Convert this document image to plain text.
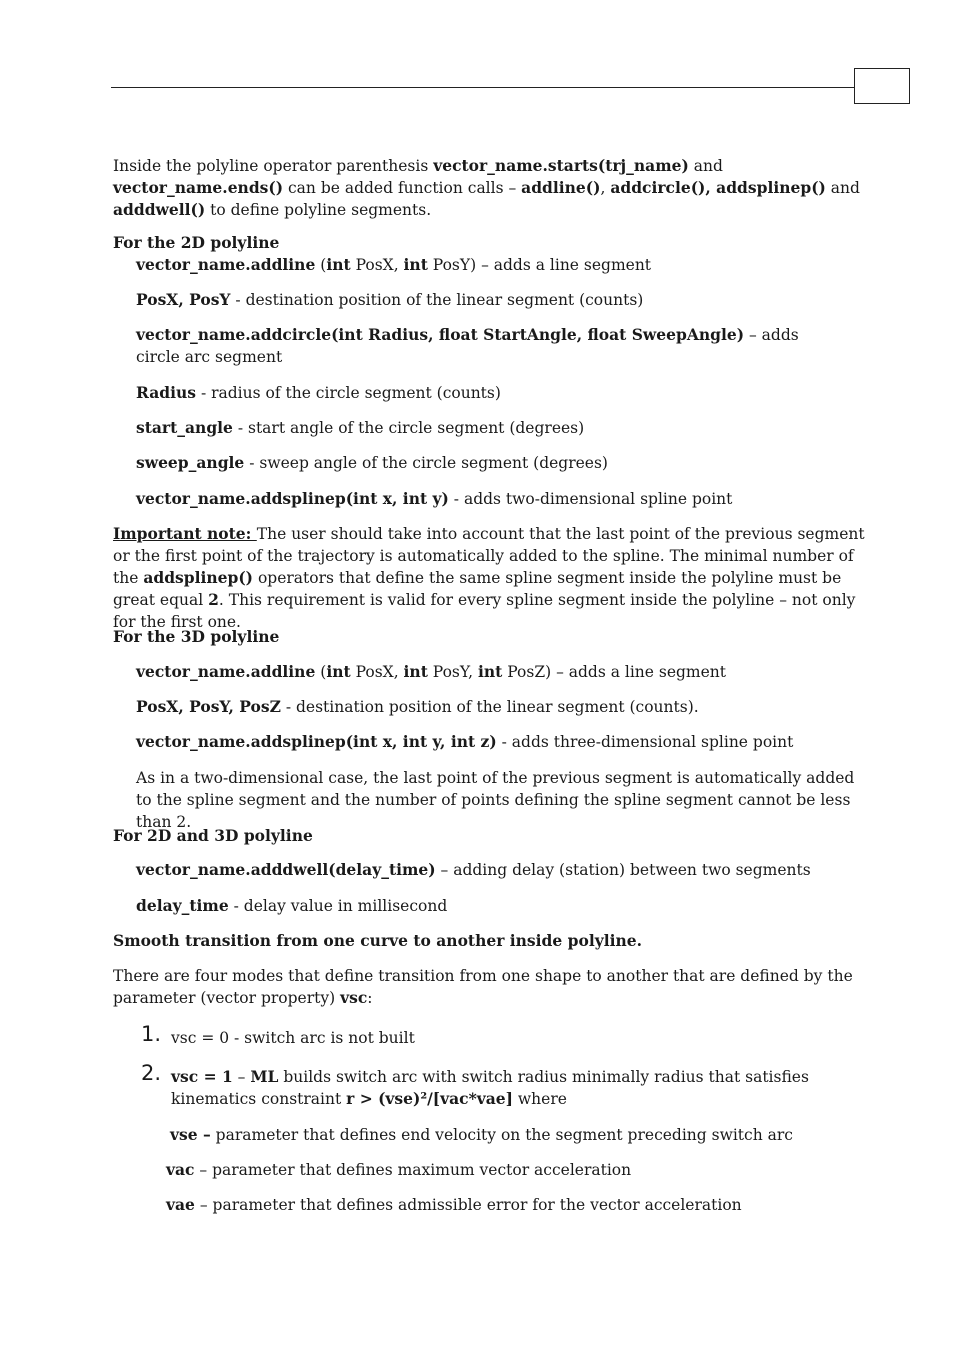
Inside the polyline operator parenthesis vector_name.starts(trj_name) and vector_name.ends() can be added function calls – addline(), addcircle(), addsplinep() and adddwell() to define polyline segments.

For the 2D polyline

vector_name.addline (int PosX, int PosY) – adds a line segment

PosX, PosY - destination position of the linear segment (counts)

vector_name.addcircle(int Radius, float StartAngle, float SweepAngle) – adds circle arc segment

Radius - radius of the circle segment (counts)

start_angle - start angle of the circle segment (degrees)

sweep_angle - sweep angle of the circle segment (degrees)

vector_name.addsplinep(int x, int y) - adds two-dimensional spline point

Important note: The user should take into account that the last point of the previous segment or the first point of the trajectory is automatically added to the spline. The minimal number of the addsplinep() operators that define the same spline segment inside the polyline must be great equal 2. This requirement is valid for every spline segment inside the polyline – not only for the first one.

For the 3D polyline

vector_name.addline (int PosX, int PosY, int PosZ) – adds a line segment

PosX, PosY, PosZ - destination position of the linear segment (counts).

vector_name.addsplinep(int x, int y, int z) - adds three-dimensional spline point

As in a two-dimensional case, the last point of the previous segment is automatically added to the spline segment and the number of points defining the spline segment cannot be less than 2.

For 2D and 3D polyline

vector_name.adddwell(delay_time) – adding delay (station) between two segments

delay_time - delay value in millisecond

Smooth transition from one curve to another inside polyline.

There are four modes that define transition from one shape to another that are defined by the parameter (vector property) vsc:

1. vsc = 0 - switch arc is not built

2. vsc = 1 – ML builds switch arc with switch radius minimally radius that satisfies kinematics constraint r > (vse)²/[vac*vae] where

vse – parameter that defines end velocity on the segment preceding switch arc

vac – parameter that defines maximum vector acceleration

vae – parameter that defines admissible error for the vector acceleration
